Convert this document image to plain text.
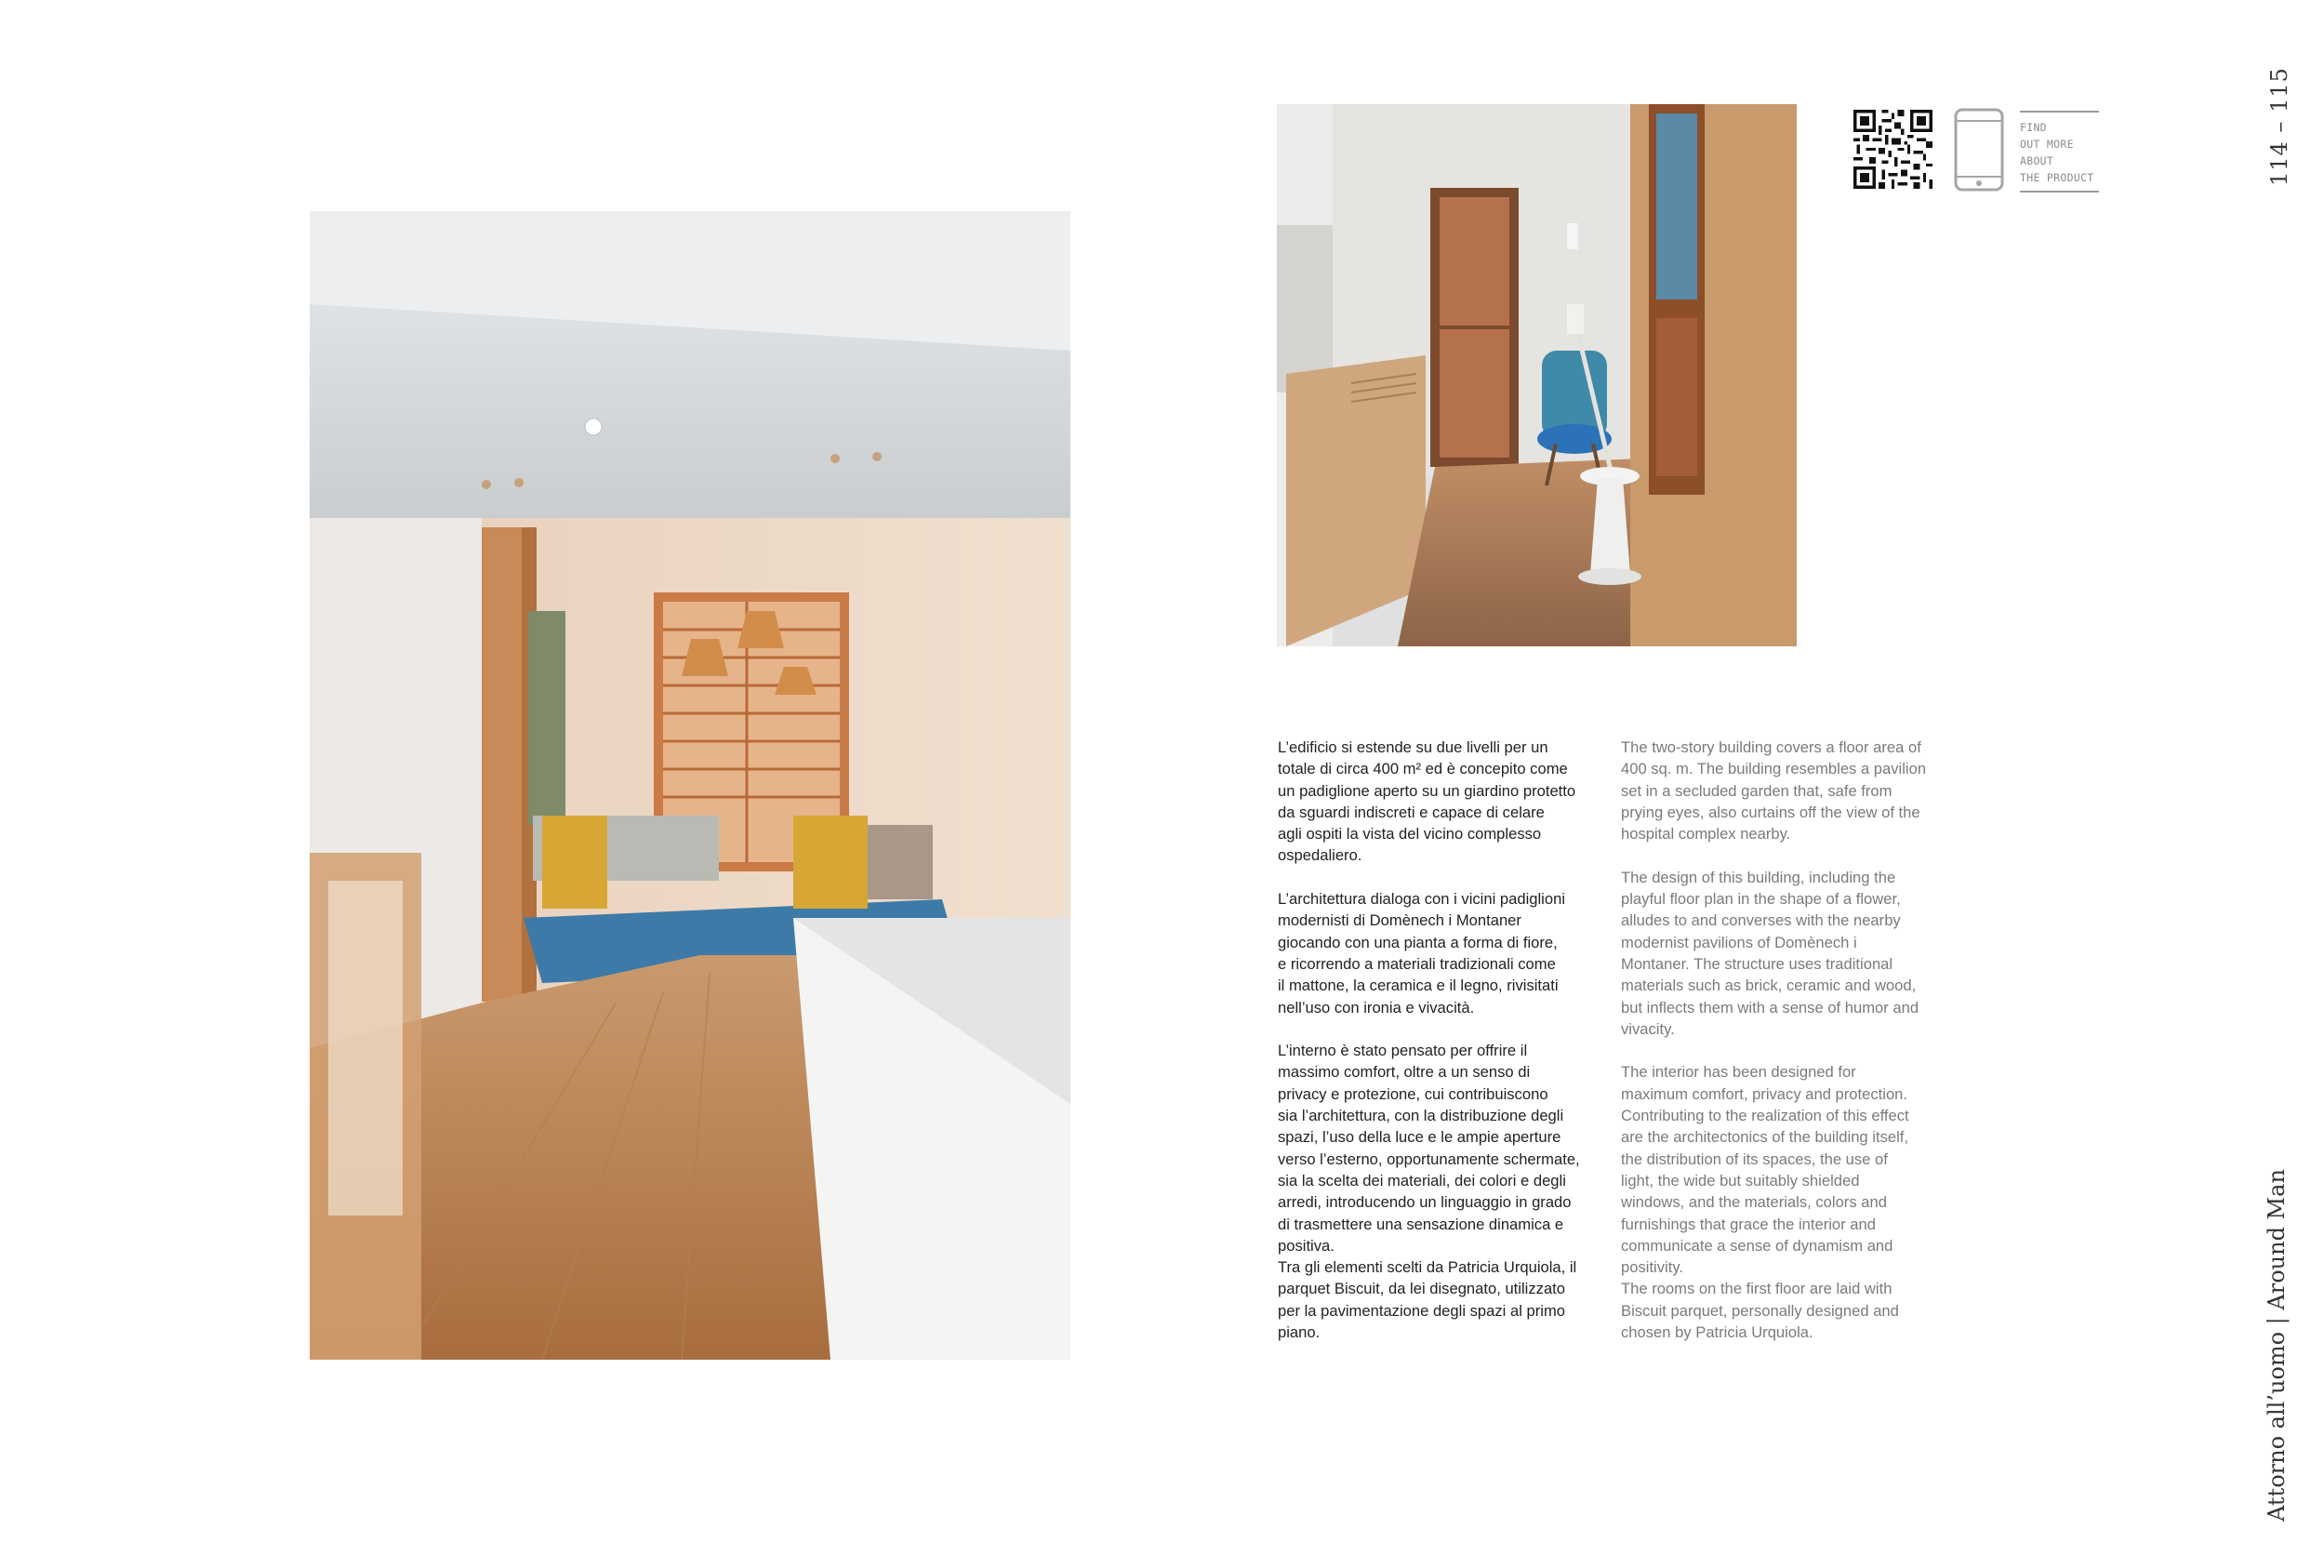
L’edificio si estende su due livelli per un
totale di circa 400 m² ed è concepito come
un padiglione aperto su un giardino protetto
da sguardi indiscreti e capace di celare
agli ospiti la vista del vicino complesso
ospedaliero.

L’architettura dialoga con i vicini padiglioni
modernisti di Domènech i Montaner
giocando con una pianta a forma di fiore,
e ricorrendo a materiali tradizionali come
il mattone, la ceramica e il legno, rivisitati
nell’uso con ironia e vivacità.

L’interno è stato pensato per offrire il
massimo comfort, oltre a un senso di
privacy e protezione, cui contribuiscono
sia l’architettura, con la distribuzione degli
spazi, l’uso della luce e le ampie aperture
verso l’esterno, opportunamente schermate,
sia la scelta dei materiali, dei colori e degli
arredi, introducendo un linguaggio in grado
di trasmettere una sensazione dinamica e
positiva.

Tra gli elementi scelti da Patricia Urquiola, il
parquet Biscuit, da lei disegnato, utilizzato
per la pavimentazione degli spazi al primo
piano.

The two-story building covers a floor area of
400 sq. m. The building resembles a pavilion
set in a secluded garden that, safe from
prying eyes, also curtains off the view of the
hospital complex nearby.

The design of this building, including the
playful floor plan in the shape of a flower,
alludes to and converses with the nearby
modernist pavilions of Domènech i
Montaner. The structure uses traditional
materials such as brick, ceramic and wood,
but inflects them with a sense of humor and
vivacity.

The interior has been designed for
maximum comfort, privacy and protection.
Contributing to the realization of this effect
are the architectonics of the building itself,
the distribution of its spaces, the use of
light, the wide but suitably shielded
windows, and the materials, colors and
furnishings that grace the interior and
communicate a sense of dynamism and
positivity.

The rooms on the first floor are laid with
Biscuit parquet, personally designed and
chosen by Patricia Urquiola.

FIND
OUT MORE
ABOUT
THE PRODUCT	114 – 115
Attorno all’uomo | Around Man
